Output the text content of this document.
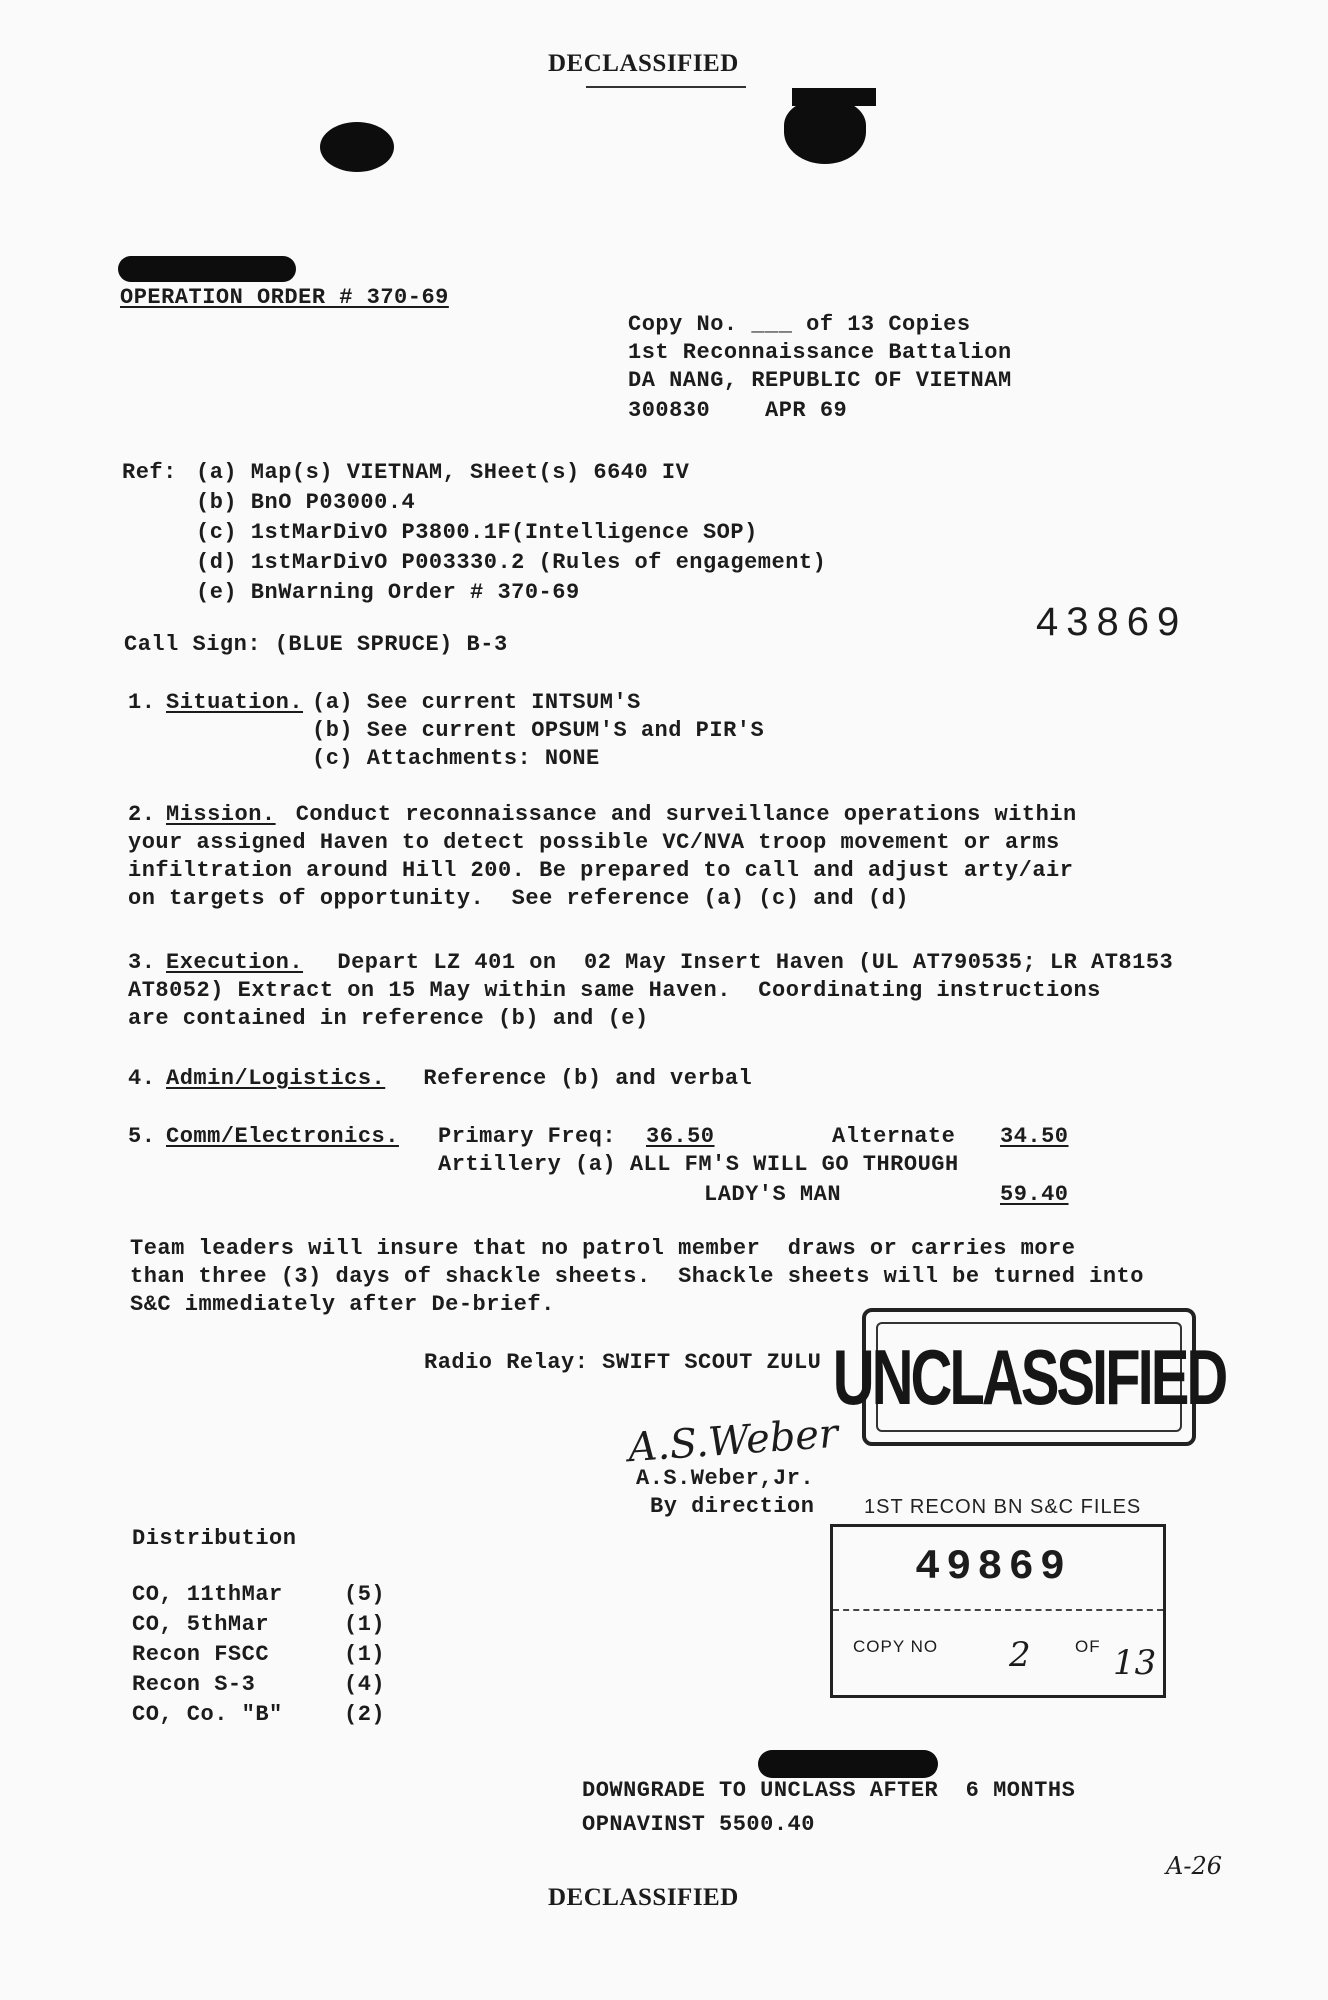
DECLASSIFIED
OPERATION ORDER # 370-69
Copy No. ___ of 13 Copies
1st Reconnaissance Battalion
DA NANG, REPUBLIC OF VIETNAM
300830    APR 69
Ref: (a) Map(s) VIETNAM, SHeet(s) 6640 IV
(b) BnO P03000.4
(c) 1stMarDivO P3800.1F(Intelligence SOP)
(d) 1stMarDivO P003330.2 (Rules of engagement)
(e) BnWarning Order # 370-69
43869
Call Sign: (BLUE SPRUCE) B-3
1. Situation. (a) See current INTSUM'S
(b) See current OPSUM'S and PIR'S
(c) Attachments: NONE
2. Mission. Conduct reconnaissance and surveillance operations within
your assigned Haven to detect possible VC/NVA troop movement or arms
infiltration around Hill 200. Be prepared to call and adjust arty/air
on targets of opportunity.  See reference (a) (c) and (d)
3. Execution. Depart LZ 401 on  02 May Insert Haven (UL AT790535; LR AT8153
AT8052) Extract on 15 May within same Haven.  Coordinating instructions
are contained in reference (b) and (e)
4. Admin/Logistics. Reference (b) and verbal
5. Comm/Electronics. Primary Freq: 36.50	Alternate 34.50
Artillery (a) ALL FM'S WILL GO THROUGH
LADY'S MAN	59.40
Team leaders will insure that no patrol member  draws or carries more
than three (3) days of shackle sheets.  Shackle sheets will be turned into
S&C immediately after De-brief.
Radio Relay: SWIFT SCOUT ZULU UNCLASSIFIED
A.S.Weber
A.S.Weber,Jr.
By direction 1ST RECON BN S&C FILES
49869
COPY NO 2	OF 13
Distribution
CO, 11thMar	(5)
CO, 5thMar	(1)
Recon FSCC	(1)
Recon S-3	(4)
CO, Co. "B"	(2)
DOWNGRADE TO UNCLASS AFTER  6 MONTHS
OPNAVINST 5500.40
A-26
DECLASSIFIED
